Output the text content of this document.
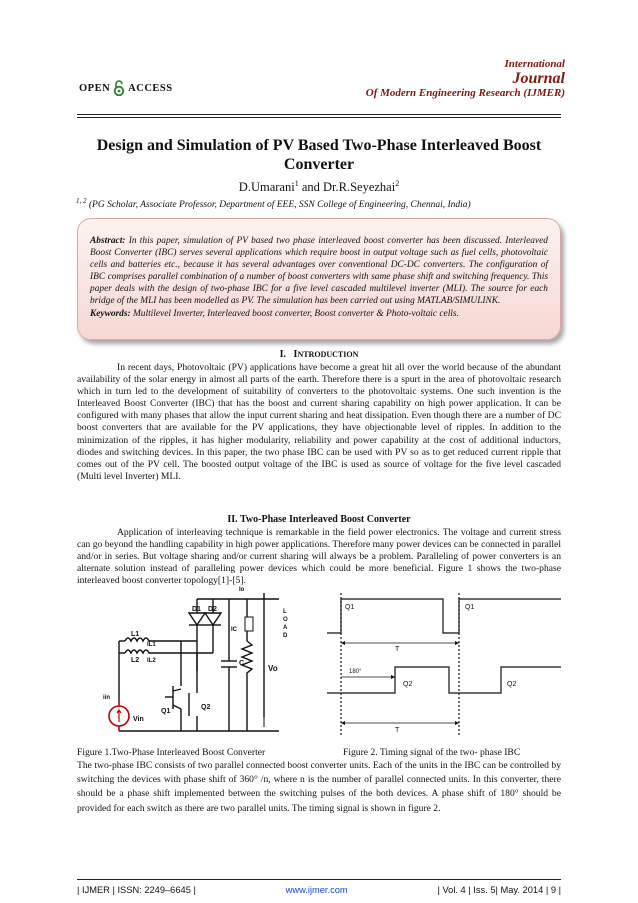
OPEN ACCESS
International
Journal
Of Modern Engineering Research (IJMER)
Design and Simulation of PV Based Two-Phase Interleaved Boost Converter
D.Umarani$^1$ and Dr.R.Seyezhai$^2$
$^{1, 2}$ (PG Scholar, Associate Professor, Department of EEE, SSN College of Engineering, Chennai, India)
Abstract: In this paper, simulation of PV based two phase interleaved boost converter has been discussed. Interleaved Boost Converter (IBC) serves several applications which require boost in output voltage such as fuel cells, photovoltaic cells and batteries etc., because it has several advantages over conventional DC-DC converters. The configuration of IBC comprises parallel combination of a number of boost converters with same phase shift and switching frequency. This paper deals with the design of two-phase IBC for a five level cascaded multilevel inverter (MLI). The source for each bridge of the MLI has been modelled as PV. The simulation has been carried out using MATLAB/SIMULINK.
Keywords: Multilevel Inverter, Interleaved boost converter, Boost converter & Photo-voltaic cells.
I. INTRODUCTION
In recent days, Photovoltaic (PV) applications have become a great hit all over the world because of the abundant availability of the solar energy in almost all parts of the earth. Therefore there is a spurt in the area of photovoltaic research which in turn led to the development of suitability of converters to the photovoltaic systems. One such invention is the Interleaved Boost Converter (IBC) that has the boost and current sharing capability on high power application. It can be configured with many phases that allow the input current sharing and heat dissipation. Even though there are a number of DC boost converters that are available for the PV applications, they have objectionable level of ripples. In addition to the minimization of the ripples, it has higher modularity, reliability and power capability at the cost of additional inductors, diodes and switching devices. In this paper, the two phase IBC can be used with PV so as to get reduced current ripple that comes out of the PV cell. The boosted output voltage of the IBC is used as source of voltage for the five level cascaded (Multi level Inverter) MLI.
II. Two-Phase Interleaved Boost Converter
Application of interleaving technique is remarkable in the field power electronics. The voltage and current stress can go beyond the handling capability in high power applications. Therefore many power devices can be connected in parallel and/or in series. But voltage sharing and/or current sharing will always be a problem. Paralleling of power converters is an alternate solution instead of paralleling power devices which could be more beneficial. Figure 1 shows the two-phase interleaved boost converter topology[1]-[5].
D1 D2
L1
L2
IL1
IL2
IC
C
Vo
Io
L
O
A
D
iin
Vin
Q1
Q2
Q1	Q1
T
180°
Q2	Q2
T
Figure 1.Two-Phase Interleaved Boost Converter	Figure 2. Timing signal of the two- phase IBC
The two-phase IBC consists of two parallel connected boost converter units. Each of the units in the IBC can be controlled by switching the devices with phase shift of 360° /n, where n is the number of parallel connected units. In this converter, there should be a phase shift implemented between the switching pulses of the both devices. A phase shift of 180° should be provided for each switch as there are two parallel units. The timing signal is shown in figure 2.
| IJMER | ISSN: 2249–6645 |	www.ijmer.com	| Vol. 4 | Iss. 5| May. 2014 | 9 |
